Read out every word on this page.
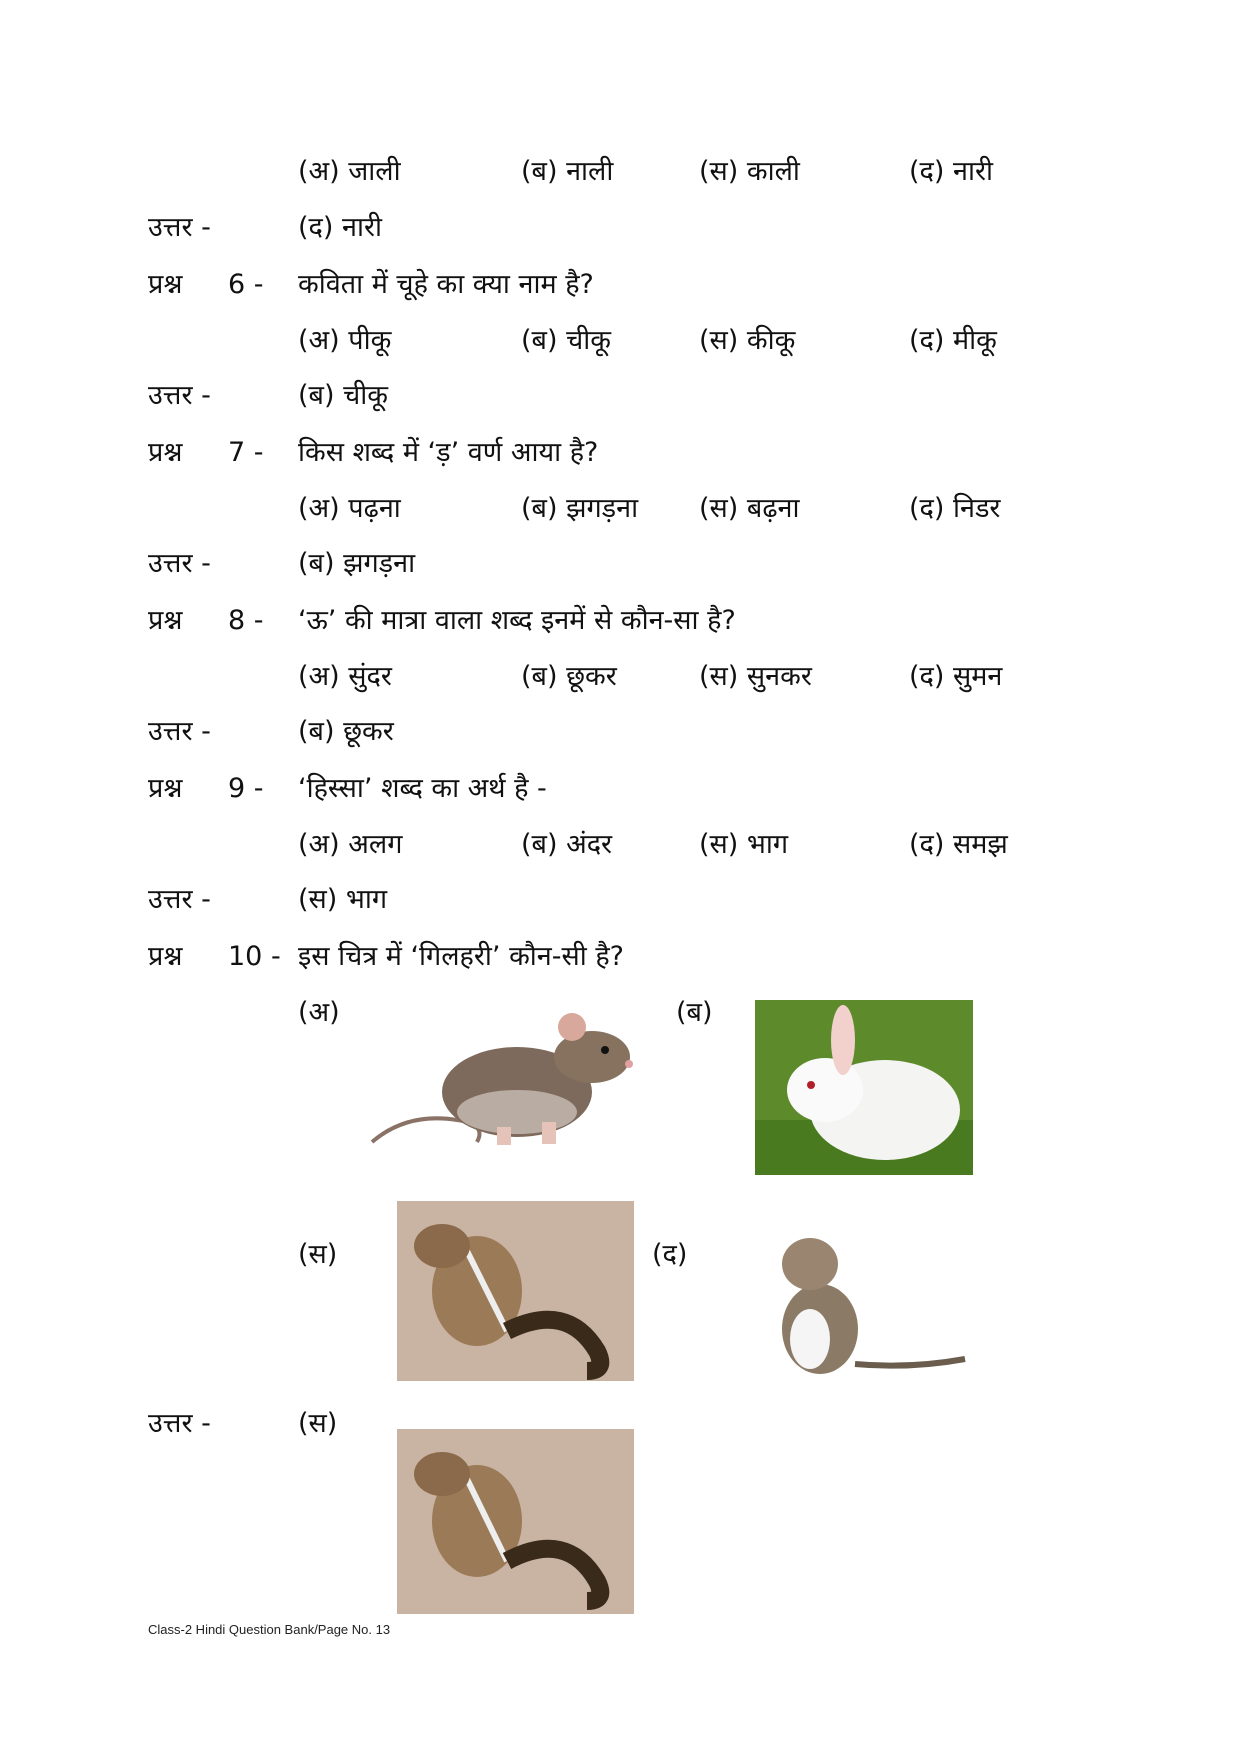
(अ) जाली	(ब) नाली	(स) काली	(द) नारी
उत्तर -	(द) नारी
प्रश्न 6 - कविता में चूहे का क्या नाम है?
(अ) पीकू	(ब) चीकू	(स) कीकू	(द) मीकू
उत्तर -	(ब) चीकू
प्रश्न 7 - किस शब्द में ‘ड़’ वर्ण आया है?
(अ) पढ़ना	(ब) झगड़ना (स) बढ़ना	(द) निडर
उत्तर -	(ब) झगड़ना
प्रश्न 8 - ‘ऊ’ की मात्रा वाला शब्द इनमें से कौन-सा है?
(अ) सुंदर	(ब) छूकर	(स) सुनकर	(द) सुमन
उत्तर -	(ब) छूकर
प्रश्न 9 - ‘हिस्सा’ शब्द का अर्थ है -
(अ) अलग	(ब) अंदर	(स) भाग	(द) समझ
उत्तर -	(स) भाग
प्रश्न 10 - इस चित्र में ‘गिलहरी’ कौन-सी है?
(अ)	(ब)
(स)	(द)
उत्तर -	(स)
Class-2 Hindi Question Bank/Page No. 13
